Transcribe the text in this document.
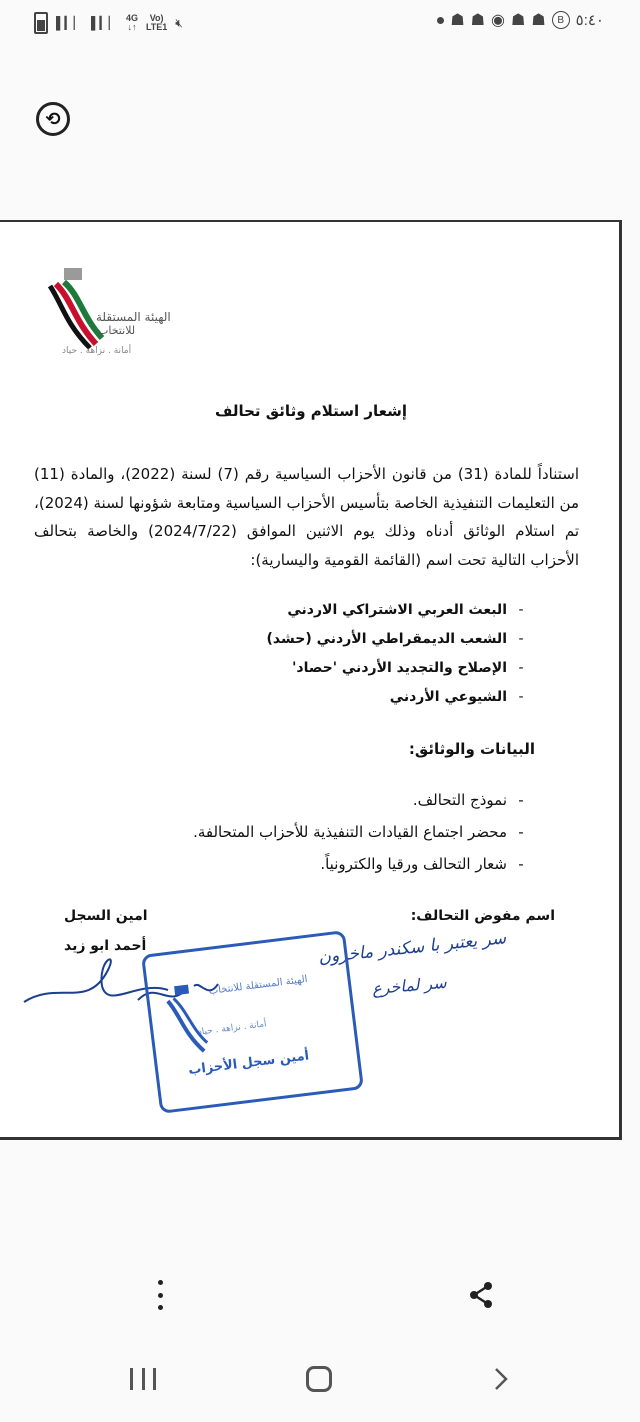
▌▎▏ ▌▎▏ 4G
↓↑
Vo)
LTE1 🔇︎	☗ ☗ ◉ ☗ ☗	B ٥:٤٠
⟲
الهيئة المستقلة
للانتخاب
أمانة . نزاهة . حياد
إشعار استلام وثائق تحالف
استناداً للمادة (31) من قانون الأحزاب السياسية رقم (7) لسنة (2022)، والمادة (11) من التعليمات التنفيذية الخاصة بتأسيس الأحزاب السياسية ومتابعة شؤونها لسنة (2024)، تم استلام الوثائق أدناه وذلك يوم الاثنين الموافق (2024/7/22) والخاصة بتحالف الأحزاب التالية تحت اسم (القائمة القومية واليسارية):
-البعث العربي الاشتراكي الاردني
-الشعب الديمقراطي الأردني (حشد)
-الإصلاح والتجديد الأردني 'حصاد'
-الشيوعي الأردني
البيانات والوثائق:
-نموذج التحالف.
-محضر اجتماع القيادات التنفيذية للأحزاب المتحالفة.
-شعار التحالف ورقيا والكترونياً.
اسم مفوض التحالف:
سر يعتبر با سكندر ماخرون
سر لماخرع
امين السجل
أحمد ابو زيد
الهيئة المستقلة للانتخاب
أمانة . نزاهة . حياد
أمين سجل الأحزاب
